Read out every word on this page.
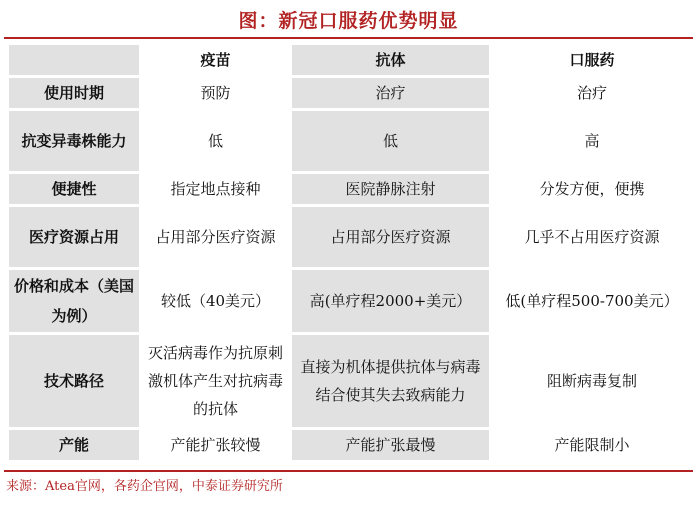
图：新冠口服药优势明显
	疫苗	抗体	口服药
使用时期	预防	治疗	治疗
抗变异毒株能力	低	低	高
便捷性	指定地点接种	医院静脉注射	分发方便，便携
医疗资源占用	占用部分医疗资源	占用部分医疗资源	几乎不占用医疗资源
价格和成本（美国为例）	较低（40美元）	高(单疗程2000+美元）	低(单疗程500-700美元）
技术路径	灭活病毒作为抗原刺激机体产生对抗病毒的抗体	直接为机体提供抗体与病毒结合使其失去致病能力	阻断病毒复制
产能	产能扩张较慢	产能扩张最慢	产能限制小
来源：Atea官网，各药企官网，中泰证券研究所
